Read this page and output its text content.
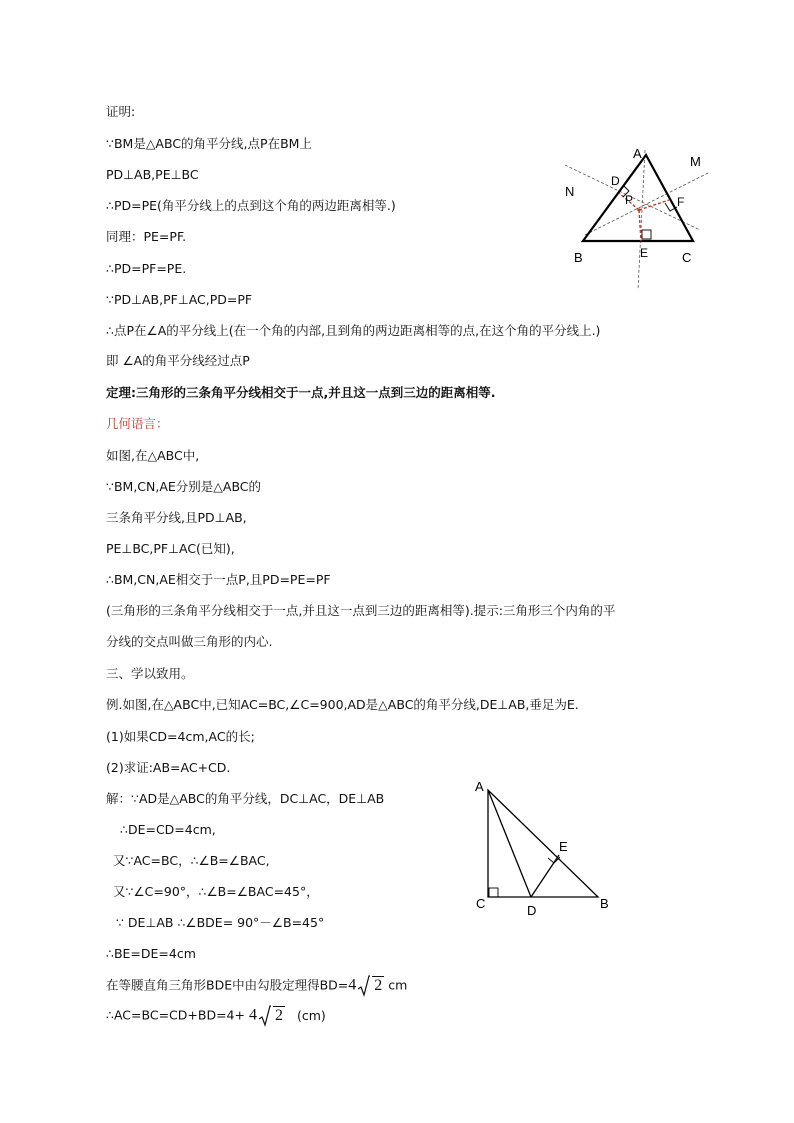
证明:
∵BM是△ABC的角平分线,点P在BM上
PD⊥AB,PE⊥BC
∴PD=PE(角平分线上的点到这个角的两边距离相等.)
同理：PE=PF.
∴PD=PF=PE.
∵PD⊥AB,PF⊥AC,PD=PF
∴点P在∠A的平分线上(在一个角的内部,且到角的两边距离相等的点,在这个角的平分线上.)
即 ∠A的角平分线经过点P
定理:三角形的三条角平分线相交于一点,并且这一点到三边的距离相等.
几何语言：
如图,在△ABC中,
∵BM,CN,AE分别是△ABC的
三条角平分线,且PD⊥AB,
PE⊥BC,PF⊥AC(已知),
∴BM,CN,AE相交于一点P,且PD=PE=PF
(三角形的三条角平分线相交于一点,并且这一点到三边的距离相等).提示:三角形三个内角的平
分线的交点叫做三角形的内心.
三、学以致用。
例.如图,在△ABC中,已知AC=BC,∠C=900,AD是△ABC的角平分线,DE⊥AB,垂足为E.
(1)如果CD=4cm,AC的长;
(2)求证:AB=AC+CD.
解：∵AD是△ABC的角平分线，DC⊥AC，DE⊥AB
∴DE=CD=4cm,
又∵AC=BC，∴∠B=∠BAC,
又∵∠C=90°，∴∠B=∠BAC=45°，
∵ DE⊥AB ∴∠BDE= 90°－∠B=45°
∴BE=DE=4cm
在等腰直角三角形BDE中由勾股定理得BD=4 2 cm
∴AC=BC=CD+BD=4+ 4 2 (cm)
A
B	C
M
N
D
P	F
E
A
C	D	B
E
